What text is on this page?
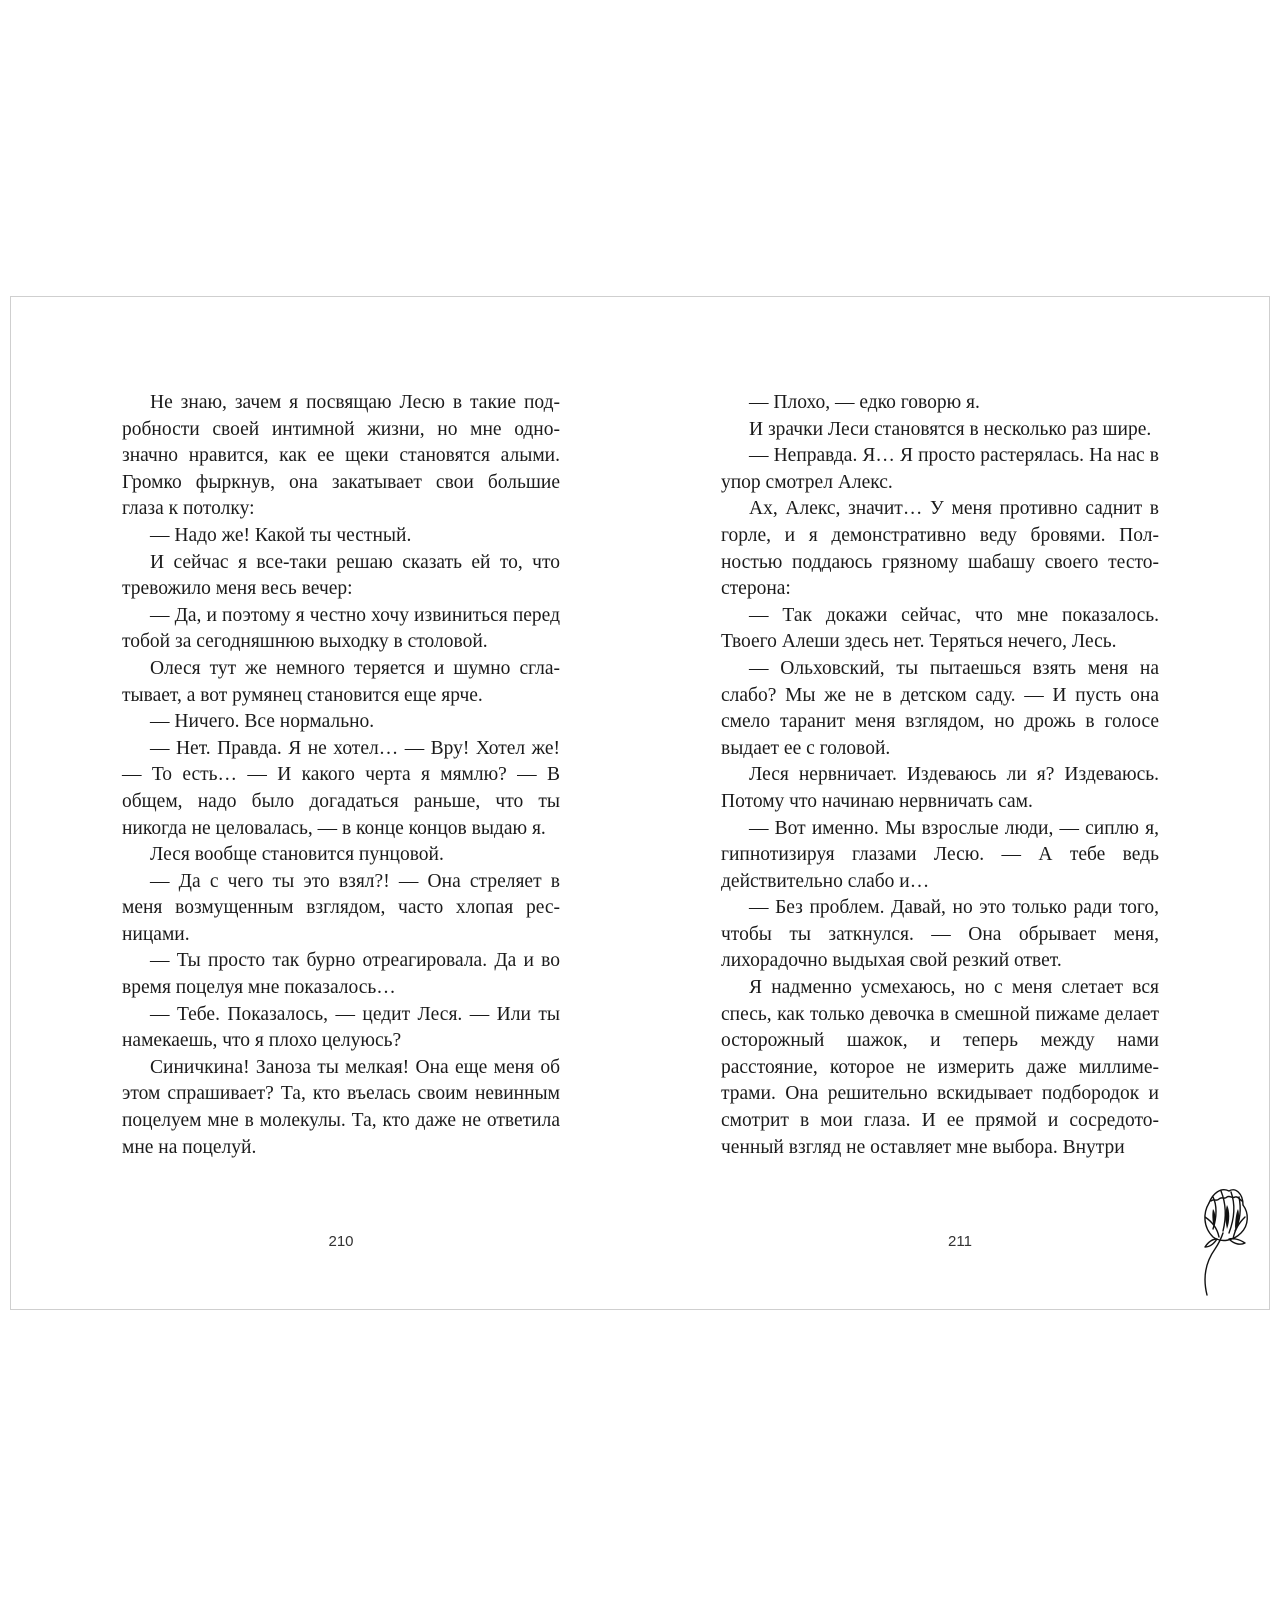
Не знаю, зачем я посвящаю Лесю в такие подробности своей интимной жизни, но мне однозначно нравится, как ее щеки становятся алыми. Громко фыркнув, она закатывает свои большие глаза к потолку:

— Надо же! Какой ты честный.

И сейчас я все-таки решаю сказать ей то, что тревожило меня весь вечер:

— Да, и поэтому я честно хочу извиниться перед тобой за сегодняшнюю выходку в столовой.

Олеся тут же немного теряется и шумно сглатывает, а вот румянец становится еще ярче.

— Ничего. Все нормально.

— Нет. Правда. Я не хотел… — Вру! Хотел же! — То есть… — И какого черта я мямлю? — В общем, надо было догадаться раньше, что ты никогда не целовалась, — в конце концов выдаю я.

Леся вообще становится пунцовой.

— Да с чего ты это взял?! — Она стреляет в меня возмущенным взглядом, часто хлопая ресницами.

— Ты просто так бурно отреагировала. Да и во время поцелуя мне показалось…

— Тебе. Показалось, — цедит Леся. — Или ты намекаешь, что я плохо целуюсь?

Синичкина! Заноза ты мелкая! Она еще меня об этом спрашивает? Та, кто въелась своим невинным поцелуем мне в молекулы. Та, кто даже не ответила мне на поцелуй.

— Плохо, — едко говорю я.

И зрачки Леси становятся в несколько раз шире.

— Неправда. Я… Я просто растерялась. На нас в упор смотрел Алекс.

Ах, Алекс, значит… У меня противно саднит в горле, и я демонстративно веду бровями. Полностью поддаюсь грязному шабашу своего тестостерона:

— Так докажи сейчас, что мне показалось. Твоего Алеши здесь нет. Теряться нечего, Лесь.

— Ольховский, ты пытаешься взять меня на слабо? Мы же не в детском саду. — И пусть она смело таранит меня взглядом, но дрожь в голосе выдает ее с головой.

Леся нервничает. Издеваюсь ли я? Издеваюсь. Потому что начинаю нервничать сам.

— Вот именно. Мы взрослые люди, — сиплю я, гипнотизируя глазами Лесю. — А тебе ведь действительно слабо и…

— Без проблем. Давай, но это только ради того, чтобы ты заткнулся. — Она обрывает меня, лихорадочно выдыхая свой резкий ответ.

Я надменно усмехаюсь, но с меня слетает вся спесь, как только девочка в смешной пижаме делает осторожный шажок, и теперь между нами расстояние, которое не измерить даже миллиметрами. Она решительно вскидывает подбородок и смотрит в мои глаза. И ее прямой и сосредоточенный взгляд не оставляет мне выбора. Внутри

210	211
